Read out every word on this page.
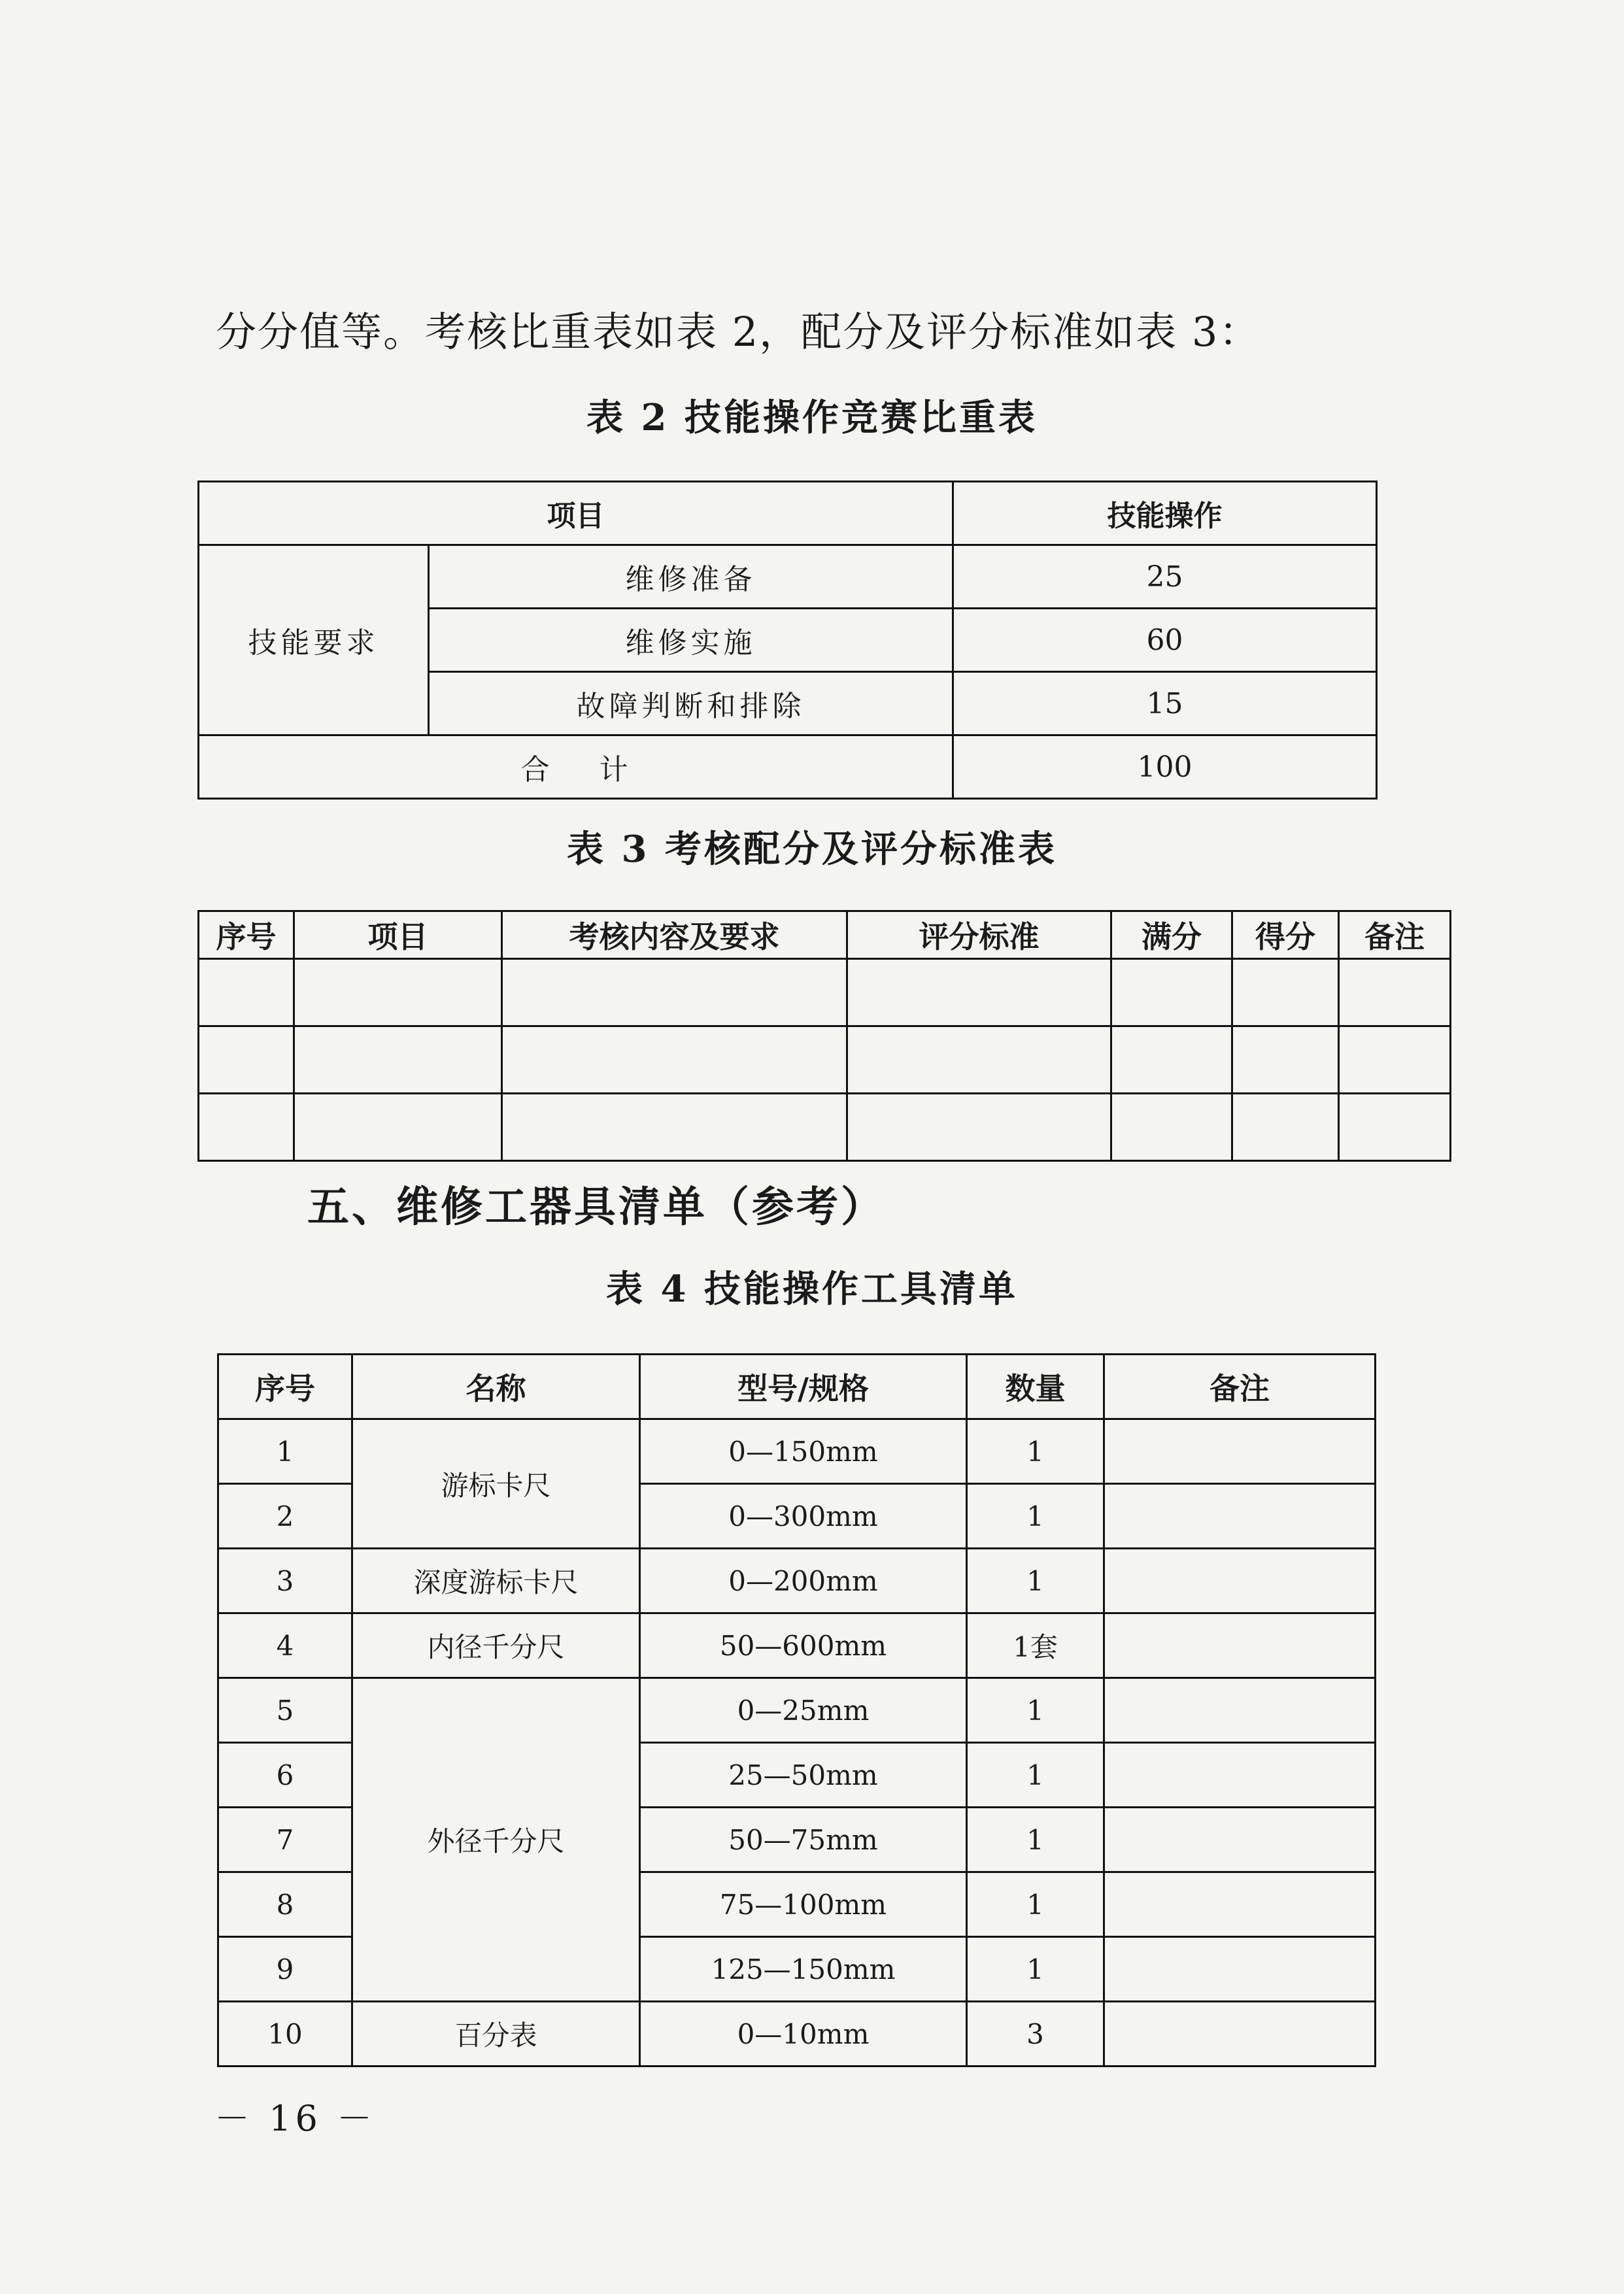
分分值等。考核比重表如表 2，配分及评分标准如表 3：
表 2 技能操作竞赛比重表
项目		技能操作
技能要求	维修准备	25
	维修实施	60
	故障判断和排除	15
合    计		100
表 3 考核配分及评分标准表
序号	项目	考核内容及要求	评分标准	满分	得分	备注

五、维修工器具清单（参考）
表 4 技能操作工具清单
序号	名称	型号/规格	数量	备注
1	游标卡尺	0—150mm	1	
2		0—300mm	1	
3	深度游标卡尺	0—200mm	1	
4	内径千分尺	50—600mm	1套	
5	外径千分尺	0—25mm	1	
6		25—50mm	1	
7		50—75mm	1	
8		75—100mm	1	
9		125—150mm	1	
10	百分表	0—10mm	3	
－ 16 －
